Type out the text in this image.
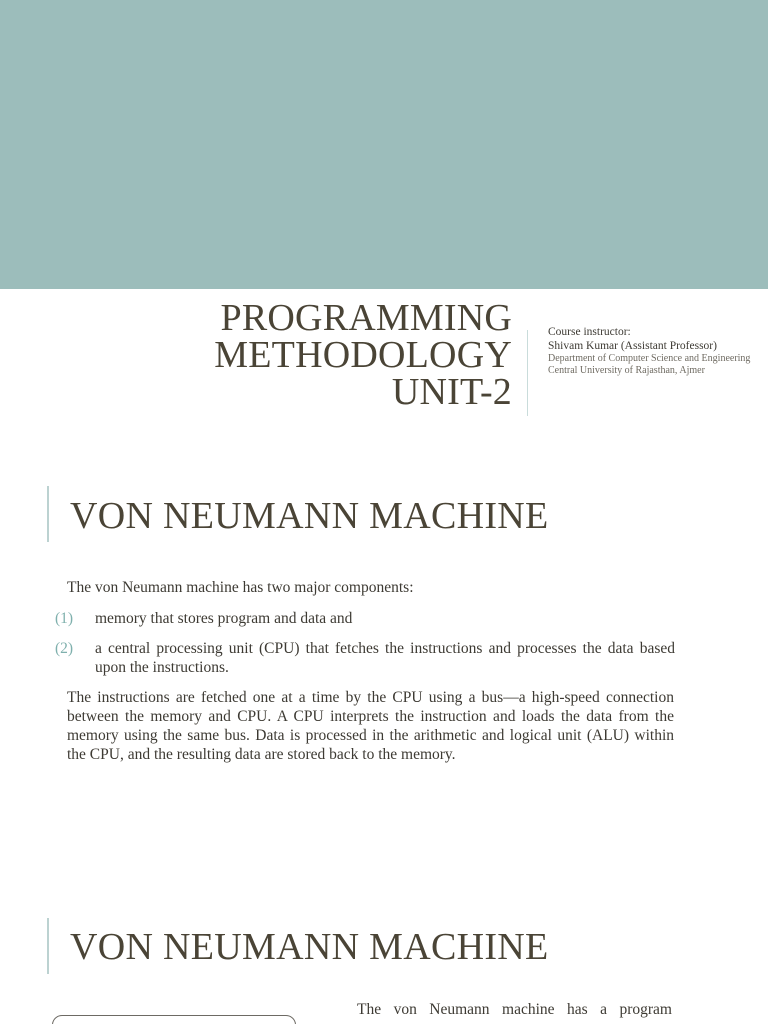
PROGRAMMING
METHODOLOGY
UNIT-2
Course instructor:
Shivam Kumar (Assistant Professor)
Department of Computer Science and Engineering
Central University of Rajasthan, Ajmer
VON NEUMANN MACHINE
The von Neumann machine has two major components:
(1)	memory that stores program and data and
(2)	a central processing unit (CPU) that fetches the instructions and processes the data based upon the instructions.
The instructions are fetched one at a time by the CPU using a bus—a high-speed connection between the memory and CPU. A CPU interprets the instruction and loads the data from the memory using the same bus. Data is processed in the arithmetic and logical unit (ALU) within the CPU, and the resulting data are stored back to the memory.
VON NEUMANN MACHINE
The von Neumann machine has a program
